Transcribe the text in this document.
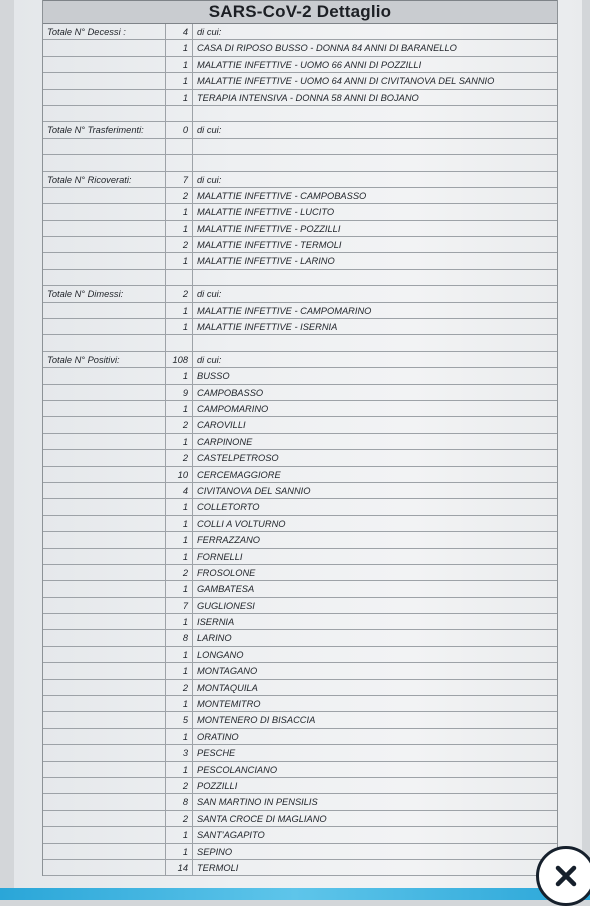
SARS-CoV-2 Dettaglio
Totale N° Decessi :	4 di cui:
1 CASA DI RIPOSO BUSSO - DONNA 84 ANNI DI BARANELLO
1 MALATTIE INFETTIVE - UOMO 66 ANNI DI POZZILLI
1 MALATTIE INFETTIVE - UOMO 64 ANNI DI CIVITANOVA DEL SANNIO
1 TERAPIA INTENSIVA - DONNA 58 ANNI DI BOJANO
Totale N° Trasferimenti:	0 di cui:
Totale N° Ricoverati:	7 di cui:
2 MALATTIE INFETTIVE - CAMPOBASSO
1 MALATTIE INFETTIVE - LUCITO
1 MALATTIE INFETTIVE - POZZILLI
2 MALATTIE INFETTIVE - TERMOLI
1 MALATTIE INFETTIVE - LARINO
Totale N° Dimessi:	2 di cui:
1 MALATTIE INFETTIVE - CAMPOMARINO
1 MALATTIE INFETTIVE - ISERNIA
Totale N° Positivi:	108 di cui:
1 BUSSO
9 CAMPOBASSO
1 CAMPOMARINO
2 CAROVILLI
1 CARPINONE
2 CASTELPETROSO
10 CERCEMAGGIORE
4 CIVITANOVA DEL SANNIO
1 COLLETORTO
1 COLLI A VOLTURNO
1 FERRAZZANO
1 FORNELLI
2 FROSOLONE
1 GAMBATESA
7 GUGLIONESI
1 ISERNIA
8 LARINO
1 LONGANO
1 MONTAGANO
2 MONTAQUILA
1 MONTEMITRO
5 MONTENERO DI BISACCIA
1 ORATINO
3 PESCHE
1 PESCOLANCIANO
2 POZZILLI
8 SAN MARTINO IN PENSILIS
2 SANTA CROCE DI MAGLIANO
1 SANT'AGAPITO
1 SEPINO
14 TERMOLI
